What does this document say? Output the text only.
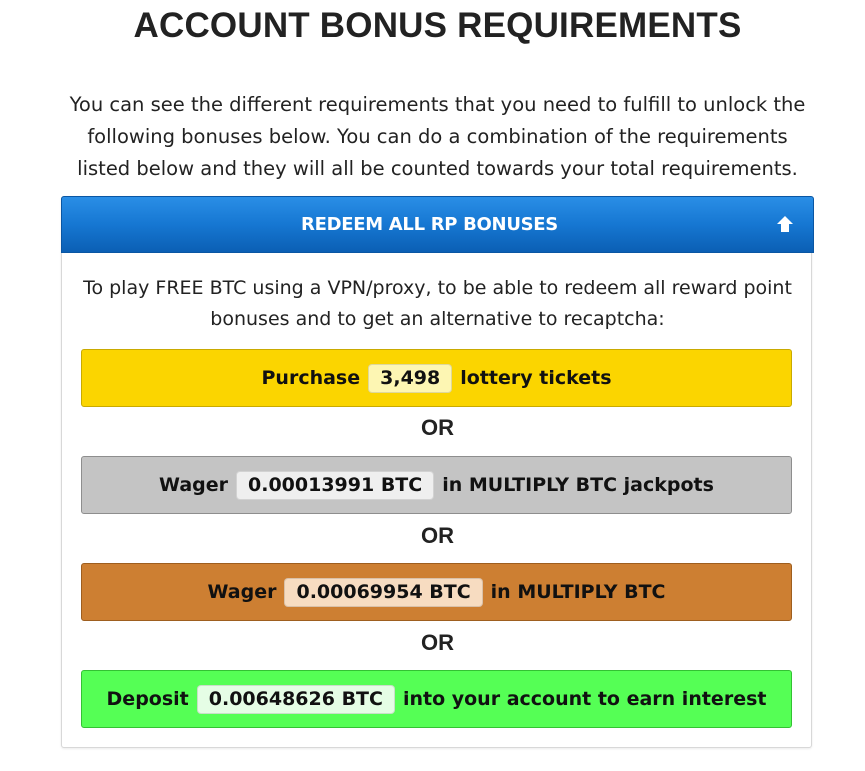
ACCOUNT BONUS REQUIREMENTS
You can see the different requirements that you need to fulfill to unlock the following bonuses below. You can do a combination of the requirements listed below and they will all be counted towards your total requirements.
REDEEM ALL RP BONUSES
To play FREE BTC using a VPN/proxy, to be able to redeem all reward point bonuses and to get an alternative to recaptcha:
Purchase	3,498	lottery tickets
OR
Wager	0.00013991 BTC	in MULTIPLY BTC jackpots
OR
Wager	0.00069954 BTC	in MULTIPLY BTC
OR
Deposit	0.00648626 BTC	into your account to earn interest
